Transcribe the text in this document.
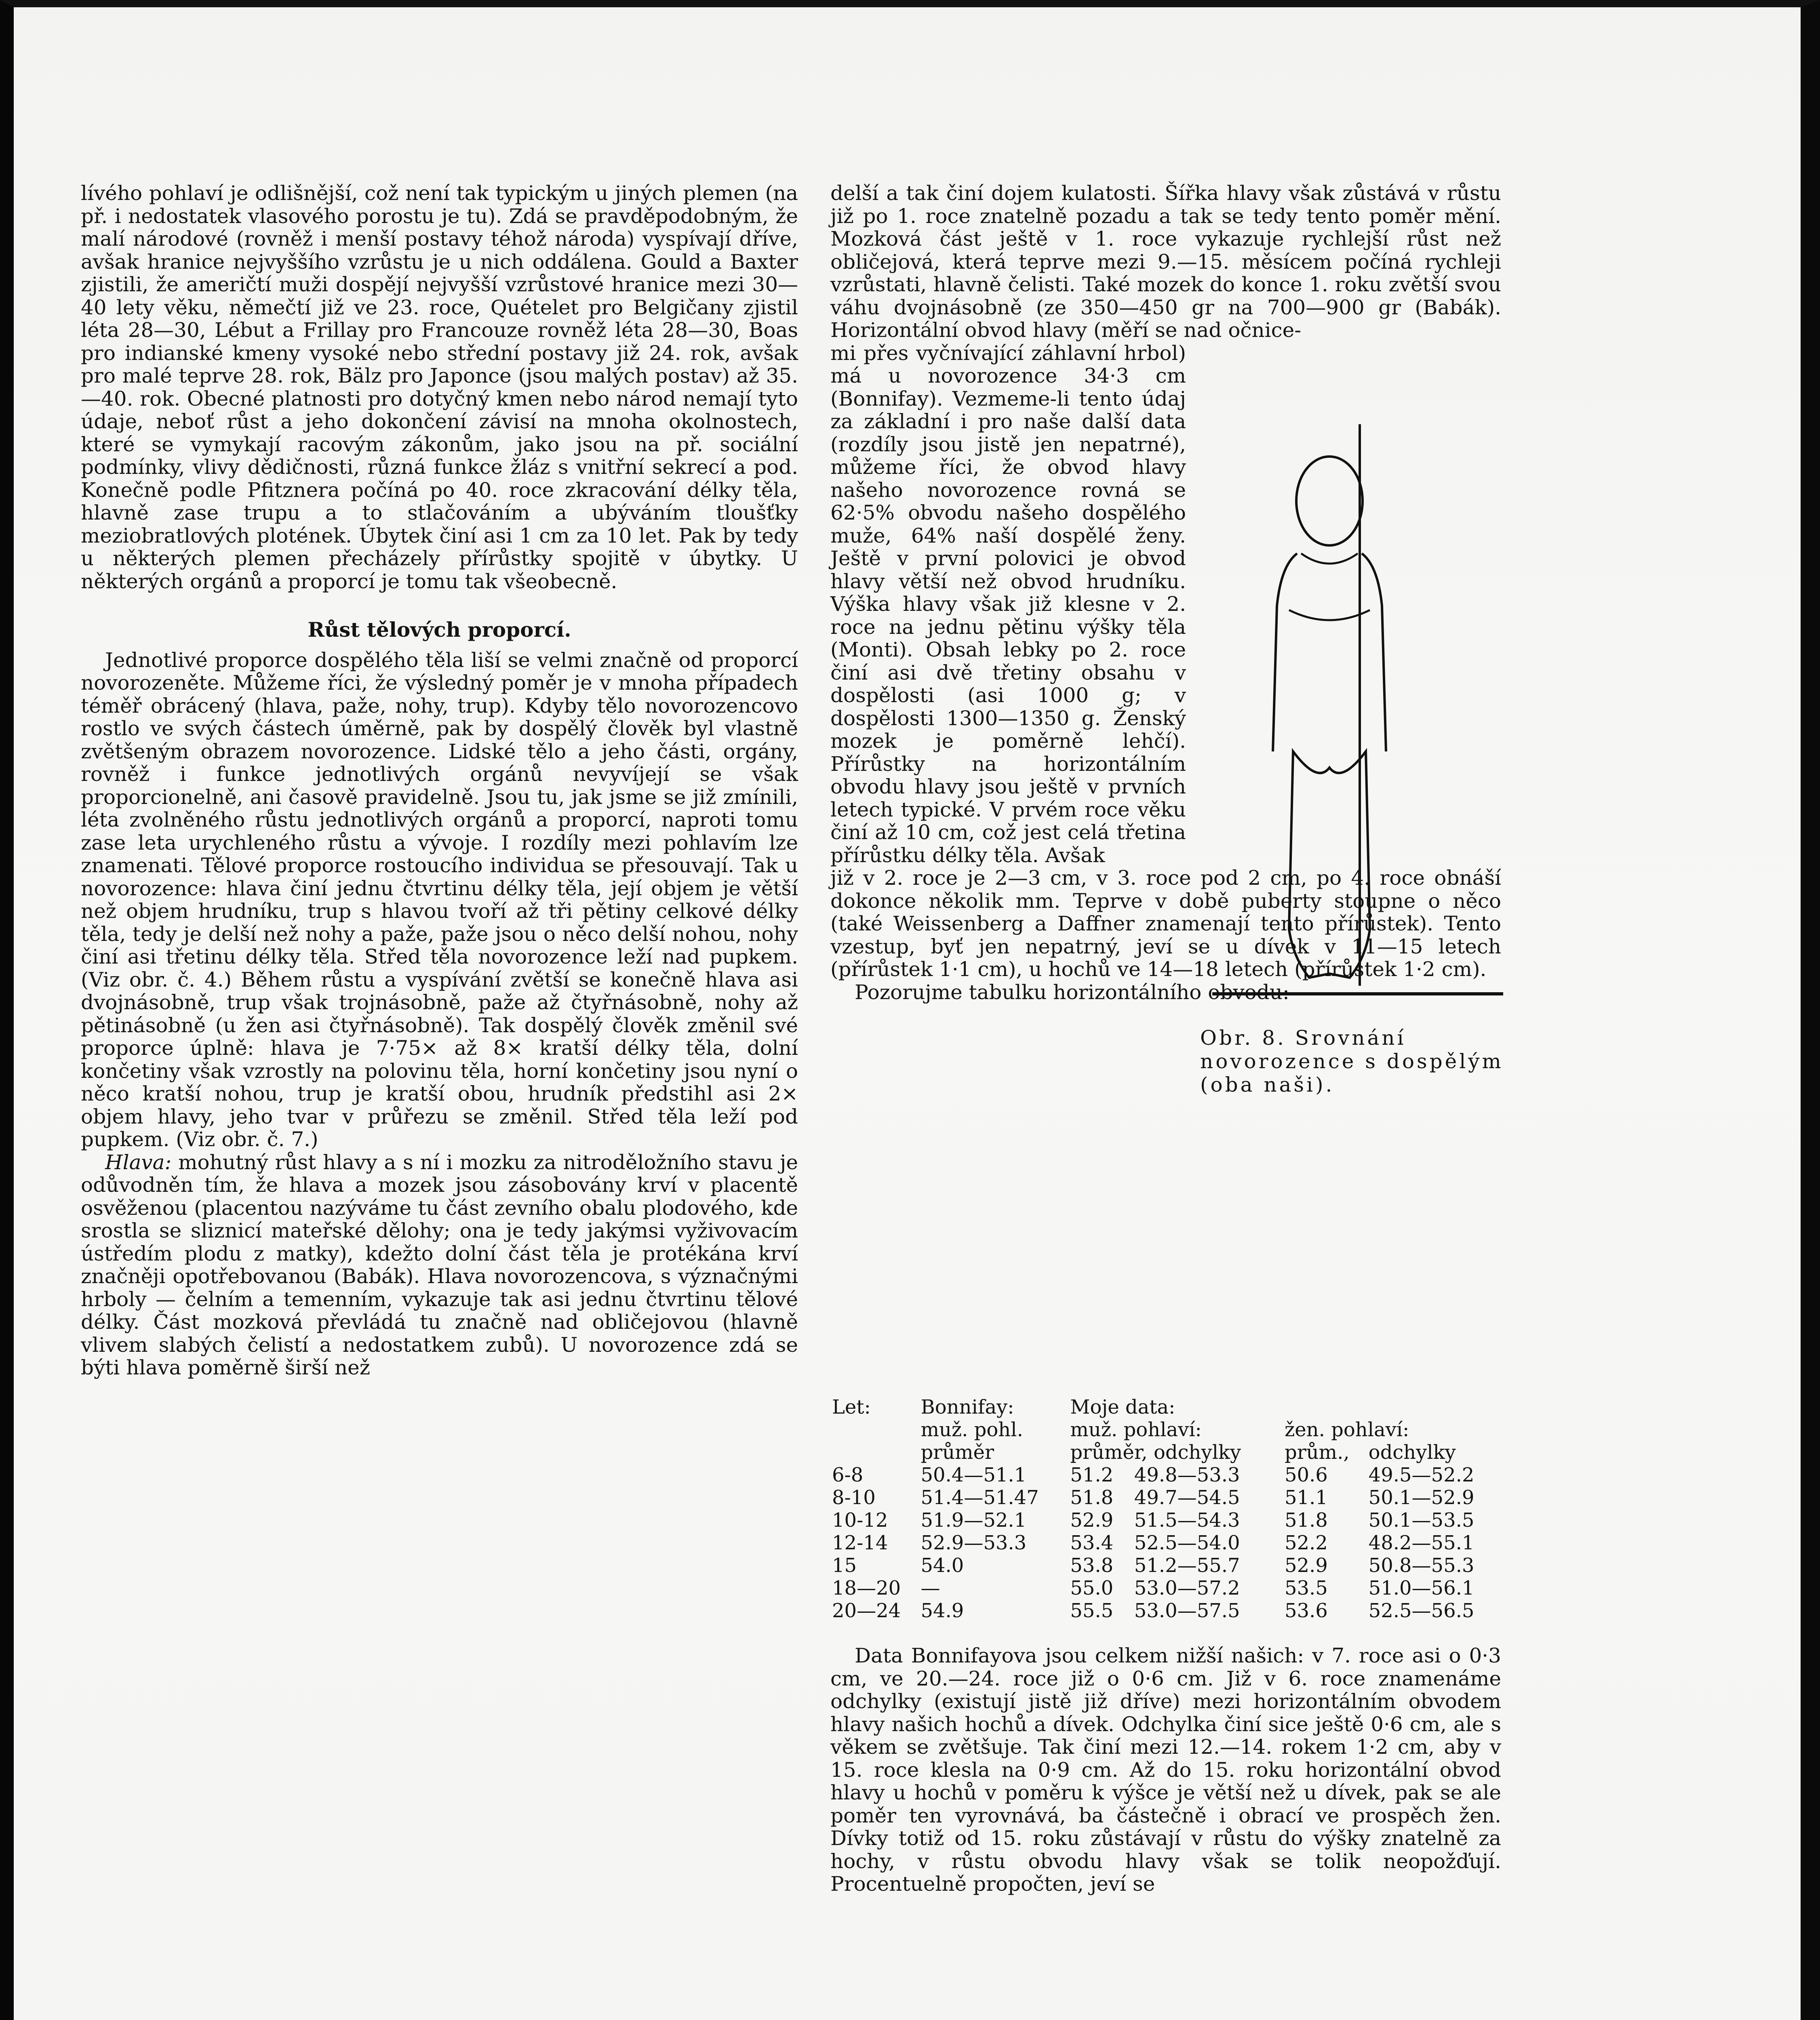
lívého pohlaví je odlišnější, což není tak typickým u jiných plemen (na př. i nedostatek vlasového porostu je tu). Zdá se pravděpodobným, že malí národové (rovněž i menší postavy téhož národa) vyspívají dříve, avšak hranice nejvyššího vzrůstu je u nich oddálena. Gould a Baxter zjistili, že američtí muži dospějí nejvyšší vzrůstové hranice mezi 30—40 lety věku, němečtí již ve 23. roce, Quételet pro Belgičany zjistil léta 28—30, Lébut a Frillay pro Francouze rovněž léta 28—30, Boas pro indianské kmeny vysoké nebo střední postavy již 24. rok, avšak pro malé teprve 28. rok, Bälz pro Japonce (jsou malých postav) až 35.—40. rok. Obecné platnosti pro dotyčný kmen nebo národ nemají tyto údaje, neboť růst a jeho dokončení závisí na mnoha okolnostech, které se vymykají racovým zákonům, jako jsou na př. sociální podmínky, vlivy dědičnosti, různá funkce žláz s vnitřní sekrecí a pod. Konečně podle Pfitznera počíná po 40. roce zkracování délky těla, hlavně zase trupu a to stlačováním a ubýváním tloušťky meziobratlových plotének. Úbytek činí asi 1 cm za 10 let. Pak by tedy u některých plemen přecházely přírůstky spojitě v úbytky. U některých orgánů a proporcí je tomu tak všeobecně.

Růst tělových proporcí.

Jednotlivé proporce dospělého těla liší se velmi značně od proporcí novorozeněte. Můžeme říci, že výsledný poměr je v mnoha případech téměř obrácený (hlava, paže, nohy, trup). Kdyby tělo novorozencovo rostlo ve svých částech úměrně, pak by dospělý člověk byl vlastně zvětšeným obrazem novorozence. Lidské tělo a jeho části, orgány, rovněž i funkce jednotlivých orgánů nevyvíjejí se však proporcionelně, ani časově pravidelně. Jsou tu, jak jsme se již zmínili, léta zvolněného růstu jednotlivých orgánů a proporcí, naproti tomu zase leta urychleného růstu a vývoje. I rozdíly mezi pohlavím lze znamenati. Tělové proporce rostoucího individua se přesouvají. Tak u novorozence: hlava činí jednu čtvrtinu délky těla, její objem je větší než objem hrudníku, trup s hlavou tvoří až tři pětiny celkové délky těla, tedy je delší než nohy a paže, paže jsou o něco delší nohou, nohy činí asi třetinu délky těla. Střed těla novorozence leží nad pupkem. (Viz obr. č. 4.) Během růstu a vyspívání zvětší se konečně hlava asi dvojnásobně, trup však trojnásobně, paže až čtyřnásobně, nohy až pětinásobně (u žen asi čtyřnásobně). Tak dospělý člověk změnil své proporce úplně: hlava je 7·75× až 8× kratší délky těla, dolní končetiny však vzrostly na polovinu těla, horní končetiny jsou nyní o něco kratší nohou, trup je kratší obou, hrudník předstihl asi 2× objem hlavy, jeho tvar v průřezu se změnil. Střed těla leží pod pupkem. (Viz obr. č. 7.)

Hlava: mohutný růst hlavy a s ní i mozku za nitroděložního stavu je odůvodněn tím, že hlava a mozek jsou zásobovány krví v placentě osvěženou (placentou nazýváme tu část zevního obalu plodového, kde srostla se sliznicí mateřské dělohy; ona je tedy jakýmsi vyživovacím ústředím plodu z matky), kdežto dolní část těla je protékána krví značněji opotřebovanou (Babák). Hlava novorozencova, s význačnými hrboly — čelním a temenním, vykazuje tak asi jednu čtvrtinu tělové délky. Část mozková převládá tu značně nad obličejovou (hlavně vlivem slabých čelistí a nedostatkem zubů). U novorozence zdá se býti hlava poměrně širší než

delší a tak činí dojem kulatosti. Šířka hlavy však zůstává v růstu již po 1. roce znatelně pozadu a tak se tedy tento poměr mění. Mozková část ještě v 1. roce vykazuje rychlejší růst než obličejová, která teprve mezi 9.—15. měsícem počíná rychleji vzrůstati, hlavně čelisti. Také mozek do konce 1. roku zvětší svou váhu dvojnásobně (ze 350—450 gr na 700—900 gr (Babák). Horizontální obvod hlavy (měří se nad očnice-

mi přes vyčnívající záhlavní hrbol) má u novorozence 34·3 cm (Bonnifay). Vezmeme-li tento údaj za základní i pro naše další data (rozdíly jsou jistě jen nepatrné), můžeme říci, že obvod hlavy našeho novorozence rovná se 62·5% obvodu našeho dospělého muže, 64% naší dospělé ženy. Ještě v první polovici je obvod hlavy větší než obvod hrudníku. Výška hlavy však již klesne v 2. roce na jednu pětinu výšky těla (Monti). Obsah lebky po 2. roce činí asi dvě třetiny obsahu v dospělosti (asi 1000 g; v dospělosti 1300—1350 g. Ženský mozek je poměrně lehčí). Přírůstky na horizontálním obvodu hlavy jsou ještě v prvních letech typické. V prvém roce věku činí až 10 cm, což jest celá třetina přírůstku délky těla. Avšak

již v 2. roce je 2—3 cm, v 3. roce pod 2 cm, po 4. roce obnáší dokonce několik mm. Teprve v době puberty stoupne o něco (také Weissenberg a Daffner znamenají tento přírůstek). Tento vzestup, byť jen nepatrný, jeví se u dívek v 11—15 letech (přírůstek 1·1 cm), u hochů ve 14—18 letech (přírůstek 1·2 cm).

Pozorujme tabulku horizontálního obvodu:

Obr. 8. Srovnání novorozence s dospělým (oba naši).
Let:	Bonnifay:	Moje data:			
	muž. pohl.	muž. pohlaví:		žen. pohlaví:	
	průměr	průměr, odchylky		prům.,	odchylky
6-8	50.4—51.1	51.2	49.8—53.3	50.6	49.5—52.2
8-10	51.4—51.47	51.8	49.7—54.5	51.1	50.1—52.9
10-12	51.9—52.1	52.9	51.5—54.3	51.8	50.1—53.5
12-14	52.9—53.3	53.4	52.5—54.0	52.2	48.2—55.1
15	54.0	53.8	51.2—55.7	52.9	50.8—55.3
18—20	—	55.0	53.0—57.2	53.5	51.0—56.1
20—24	54.9	55.5	53.0—57.5	53.6	52.5—56.5

Data Bonnifayova jsou celkem nižší našich: v 7. roce asi o 0·3 cm, ve 20.—24. roce již o 0·6 cm. Již v 6. roce znamenáme odchylky (existují jistě již dříve) mezi horizontálním obvodem hlavy našich hochů a dívek. Odchylka činí sice ještě 0·6 cm, ale s věkem se zvětšuje. Tak činí mezi 12.—14. rokem 1·2 cm, aby v 15. roce klesla na 0·9 cm. Až do 15. roku horizontální obvod hlavy u hochů v poměru k výšce je větší než u dívek, pak se ale poměr ten vyrovnává, ba částečně i obrací ve prospěch žen. Dívky totiž od 15. roku zůstávají v růstu do výšky znatelně za hochy, v růstu obvodu hlavy však se tolik neopožďují. Procentuelně propočten, jeví se
